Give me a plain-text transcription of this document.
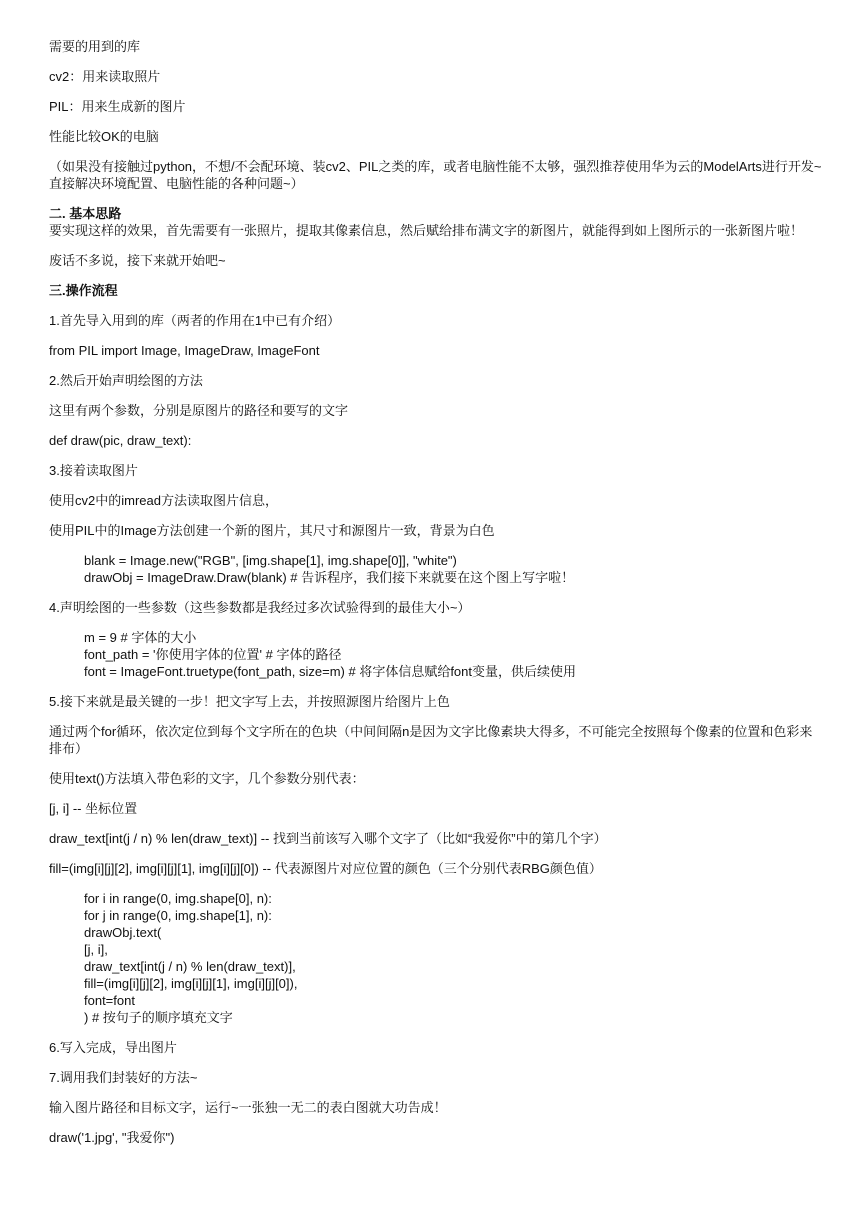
需要的用到的库

cv2：用来读取照片

PIL：用来生成新的图片

性能比较OK的电脑

（如果没有接触过python，不想/不会配环境、装cv2、PIL之类的库，或者电脑性能不太够，强烈推荐使用华为云的ModelArts进行开发~直接解决环境配置、电脑性能的各种问题~）

二. 基本思路

要实现这样的效果，首先需要有一张照片，提取其像素信息，然后赋给排布满文字的新图片，就能得到如上图所示的一张新图片啦！

废话不多说，接下来就开始吧~

三.操作流程

1.首先导入用到的库（两者的作用在1中已有介绍）

from PIL import Image, ImageDraw, ImageFont

2.然后开始声明绘图的方法

这里有两个参数，分别是原图片的路径和要写的文字

def draw(pic, draw_text):

3.接着读取图片

使用cv2中的imread方法读取图片信息，

使用PIL中的Image方法创建一个新的图片，其尺寸和源图片一致，背景为白色

blank = Image.new("RGB", [img.shape[1], img.shape[0]], "white")
drawObj = ImageDraw.Draw(blank) # 告诉程序，我们接下来就要在这个图上写字啦！

4.声明绘图的一些参数（这些参数都是我经过多次试验得到的最佳大小~）

m = 9 # 字体的大小
font_path = '你使用字体的位置' # 字体的路径
font = ImageFont.truetype(font_path, size=m) # 将字体信息赋给font变量，供后续使用

5.接下来就是最关键的一步！把文字写上去，并按照源图片给图片上色

通过两个for循环，依次定位到每个文字所在的色块（中间间隔n是因为文字比像素块大得多，不可能完全按照每个像素的位置和色彩来排布）

使用text()方法填入带色彩的文字，几个参数分别代表：

[j, i] -- 坐标位置

draw_text[int(j / n) % len(draw_text)] -- 找到当前该写入哪个文字了（比如“我爱你”中的第几个字）

fill=(img[i][j][2], img[i][j][1], img[i][j][0]) -- 代表源图片对应位置的颜色（三个分别代表RBG颜色值）

for i in range(0, img.shape[0], n):
for j in range(0, img.shape[1], n):
drawObj.text(
[j, i],
draw_text[int(j / n) % len(draw_text)],
fill=(img[i][j][2], img[i][j][1], img[i][j][0]),
font=font
) # 按句子的顺序填充文字

6.写入完成，导出图片

7.调用我们封装好的方法~

输入图片路径和目标文字，运行~一张独一无二的表白图就大功告成！

draw('1.jpg', "我爱你")
